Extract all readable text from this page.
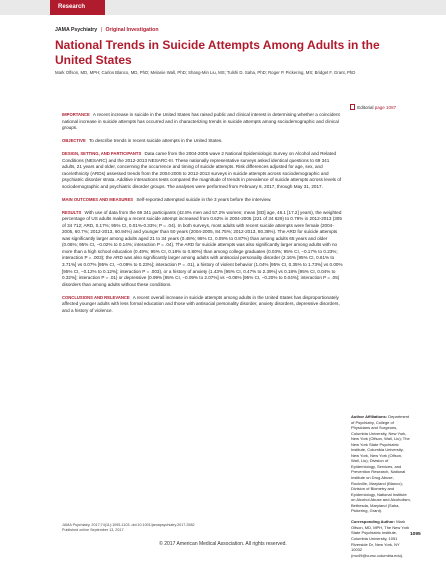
Research
JAMA Psychiatry | Original Investigation
National Trends in Suicide Attempts Among Adults in the United States
Mark Olfson, MD, MPH; Carlos Blanco, MD, PhD; Melanie Wall, PhD; Shang-Min Liu, MS; Tulshi D. Saha, PhD; Roger P. Pickering, MS; Bridget F. Grant, PhD
Editorial page 1087

IMPORTANCE A recent increase in suicide in the United States has raised public and clinical interest in determining whether a coincident national increase in suicide attempts has occurred and in characterizing trends in suicide attempts among sociodemographic and clinical groups.

OBJECTIVE To describe trends in recent suicide attempts in the United States.

DESIGN, SETTING, AND PARTICIPANTS Data came from the 2004-2005 wave 2 National Epidemiologic Survey on Alcohol and Related Conditions (NESARC) and the 2012-2013 NESARC-III. These nationally representative surveys asked identical questions to 69 341 adults, 21 years and older, concerning the occurrence and timing of suicide attempts. Risk differences adjusted for age, sex, and race/ethnicity (ARDs) assessed trends from the 2004-2005 to 2012-2013 surveys in suicide attempts across sociodemographic and psychiatric disorder strata. Additive interactions tests compared the magnitude of trends in prevalence of suicide attempts across levels of sociodemographic and psychiatric disorder groups. The analyses were performed from February 8, 2017, through May 31, 2017.

MAIN OUTCOMES AND MEASURES Self-reported attempted suicide in the 3 years before the interview.

RESULTS With use of data from the 69 341 participants (42.8% men and 57.2% women; mean [SD] age, 48.1 [17.2] years), the weighted percentage of US adults making a recent suicide attempt increased from 0.62% in 2004-2005 (221 of 34 629) to 0.79% in 2012-2013 (305 of 34 712; ARD, 0.17%; 95% CI, 0.01%-0.33%; P = .04). In both surveys, most adults with recent suicide attempts were female (2004-2005, 60.7%; 2012-2013, 60.94%) and younger than 50 years (2004-2005, 84.75%; 2012-2013, 80.38%). The ARD for suicide attempts was significantly larger among adults aged 21 to 34 years (0.48%; 95% CI, 0.09% to 0.87%) than among adults 65 years and older (0.06%; 95% CI, −0.02% to 0.14%; interaction P = .04). The ARD for suicide attempts was also significantly larger among adults with no more than a high school education (0.49%; 95% CI, 0.18% to 0.80%) than among college graduates (0.03%; 95% CI, −0.17% to 0.23%; interaction P = .003); the ARD was also significantly larger among adults with antisocial personality disorder (2.16% [95% CI, 0.61% to 3.71%] vs 0.07% [95% CI, −0.09% to 0.23%]; interaction P = .01), a history of violent behavior (1.04% [95% CI, 0.35% to 1.73%] vs 0.00% [95% CI, −0.12% to 0.12%]; interaction P = .003), or a history of anxiety (1.43% [95% CI, 0.47% to 2.39%] vs 0.18% [95% CI, 0.04% to 0.32%]; interaction P = .01) or depressive (0.99% [95% CI, −0.09% to 2.07%] vs −0.08% [95% CI, −0.20% to 0.04%]; interaction P = .05) disorders than among adults without these conditions.

CONCLUSIONS AND RELEVANCE A recent overall increase in suicide attempts among adults in the United States has disproportionately affected younger adults with less formal education and those with antisocial personality disorder, anxiety disorders, depressive disorders, and a history of violence.

Author Affiliations: Department of Psychiatry, College of Physicians and Surgeons, Columbia University, New York, New York (Olfson, Wall, Liu); The New York State Psychiatric Institute, Columbia University, New York, New York (Olfson, Wall, Liu); Division of Epidemiology, Services, and Prevention Research, National Institute on Drug Abuse, Rockville, Maryland (Blanco); Division of Biometry and Epidemiology, National Institute on Alcohol Abuse and Alcoholism, Bethesda, Maryland (Saha, Pickering, Grant).

Corresponding Author: Mark Olfson, MD, MPH, The New York State Psychiatric Institute, Columbia University, 1051 Riverside Dr, New York, NY 10032 (mo49@cumc.columbia.edu).

JAMA Psychiatry. 2017;74(11):1095-1103. doi:10.1001/jamapsychiatry.2017.2582
Published online September 13, 2017.
1095
© 2017 American Medical Association. All rights reserved.
